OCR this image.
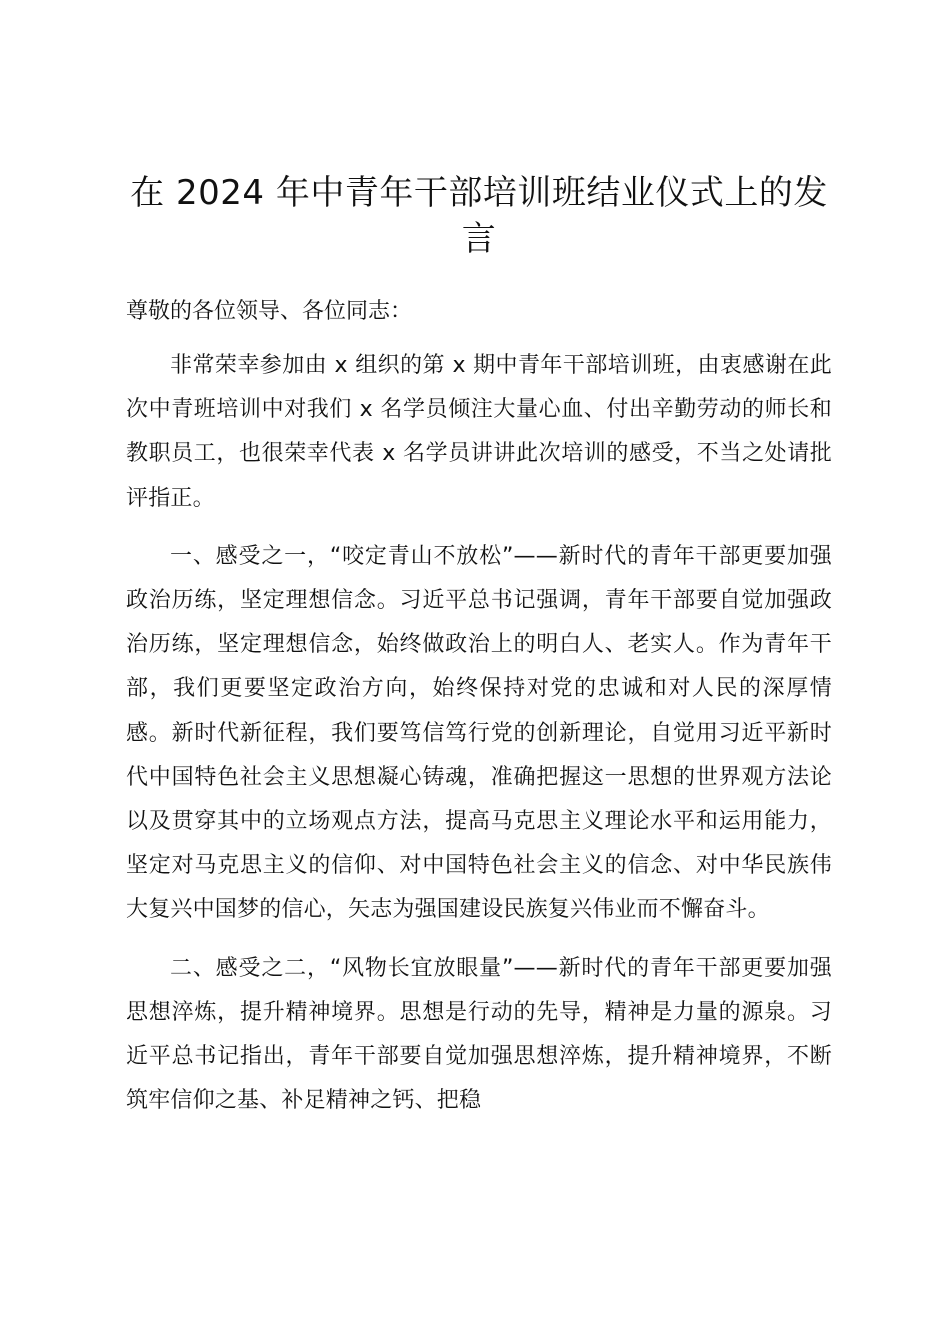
在 2024 年中青年干部培训班结业仪式上的发言

尊敬的各位领导、各位同志：

非常荣幸参加由 x 组织的第 x 期中青年干部培训班，由衷感谢在此次中青班培训中对我们 x 名学员倾注大量心血、付出辛勤劳动的师长和教职员工，也很荣幸代表 x 名学员讲讲此次培训的感受，不当之处请批评指正。

一、感受之一，“咬定青山不放松”——新时代的青年干部更要加强政治历练，坚定理想信念。习近平总书记强调，青年干部要自觉加强政治历练，坚定理想信念，始终做政治上的明白人、老实人。作为青年干部，我们更要坚定政治方向，始终保持对党的忠诚和对人民的深厚情感。新时代新征程，我们要笃信笃行党的创新理论，自觉用习近平新时代中国特色社会主义思想凝心铸魂，准确把握这一思想的世界观方法论以及贯穿其中的立场观点方法，提高马克思主义理论水平和运用能力，坚定对马克思主义的信仰、对中国特色社会主义的信念、对中华民族伟大复兴中国梦的信心，矢志为强国建设民族复兴伟业而不懈奋斗。

二、感受之二，“风物长宜放眼量”——新时代的青年干部更要加强思想淬炼，提升精神境界。思想是行动的先导，精神是力量的源泉。习近平总书记指出，青年干部要自觉加强思想淬炼，提升精神境界，不断筑牢信仰之基、补足精神之钙、把稳
